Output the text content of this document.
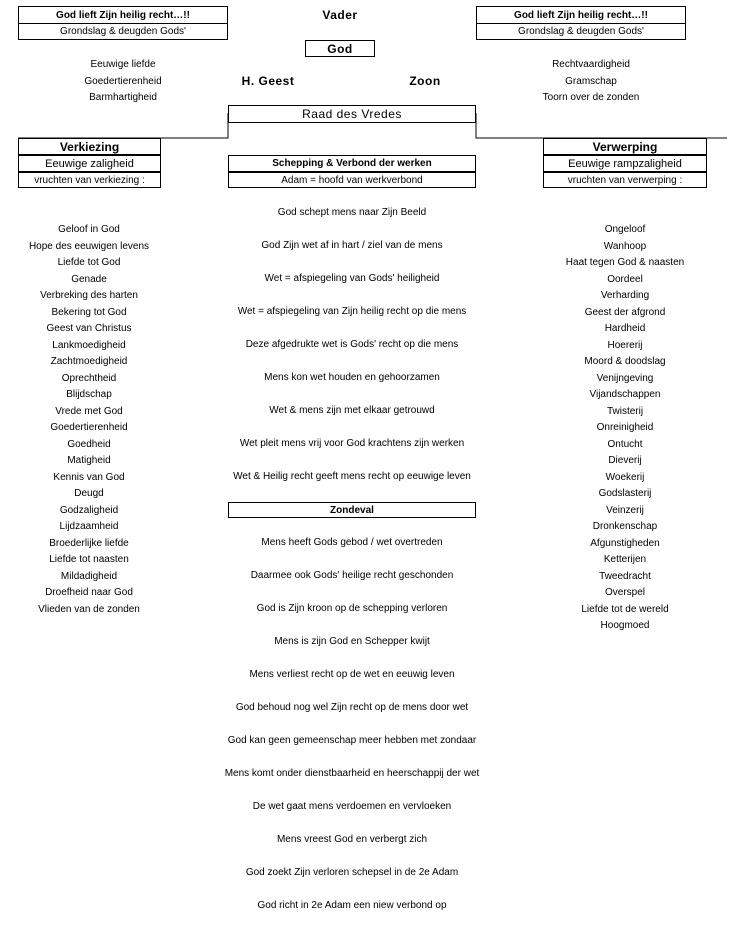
God lieft Zijn heilig recht…!!
Grondslag & deugden Gods'
God lieft Zijn heilig recht…!!
Grondslag & deugden Gods'
Vader
God
H. Geest	Zoon
Eeuwige liefde
Goedertierenheid
Barmhartigheid
Rechtvaardigheid
Gramschap
Toorn over de zonden
Raad des Vredes
Verkiezing
Eeuwige zaligheid
vruchten van verkiezing :
Verwerping
Eeuwige rampzaligheid
vruchten van verwerping :
Schepping & Verbond der werken
Adam = hoofd van werkverbond
Zondeval
Geloof in God
Hope des eeuwigen levens
Liefde tot God
Genade
Verbreking des harten
Bekering tot God
Geest van Christus
Lankmoedigheid
Zachtmoedigheid
Oprechtheid
Blijdschap
Vrede met God
Goedertierenheid
Goedheid
Matigheid
Kennis van God
Deugd
Godzaligheid
Lijdzaamheid
Broederlijke liefde
Liefde tot naasten
Mildadigheid
Droefheid naar God
Vlieden van de zonden
Ongeloof
Wanhoop
Haat tegen God & naasten
Oordeel
Verharding
Geest der afgrond
Hardheid
Hoererij
Moord & doodslag
Venijngeving
Vijandschappen
Twisterij
Onreinigheid
Ontucht
Dieverij
Woekerij
Godslasterij
Veinzerij
Dronkenschap
Afgunstigheden
Ketterijen
Tweedracht
Overspel
Liefde tot de wereld
Hoogmoed
God schept mens naar Zijn Beeld
God Zijn wet af in hart / ziel van de mens
Wet = afspiegeling van Gods' heiligheid
Wet = afspiegeling van Zijn heilig recht op die mens
Deze afgedrukte wet is Gods' recht op die mens
Mens kon wet houden en gehoorzamen
Wet & mens zijn met elkaar getrouwd
Wet pleit mens vrij voor God krachtens zijn werken
Wet & Heilig recht geeft mens recht op eeuwige leven
Mens heeft Gods gebod / wet overtreden
Daarmee ook Gods' heilige recht geschonden
God is Zijn kroon op de schepping verloren
Mens is zijn God en Schepper kwijt
Mens verliest recht op de wet en eeuwig leven
God behoud nog wel Zijn recht op de mens door wet
God kan geen gemeenschap meer hebben met zondaar
Mens komt onder dienstbaarheid en heerschappij der wet
De wet gaat mens verdoemen en vervloeken
Mens vreest God en verbergt zich
God zoekt Zijn verloren schepsel in de 2e Adam
God richt in 2e Adam een niew verbond op
